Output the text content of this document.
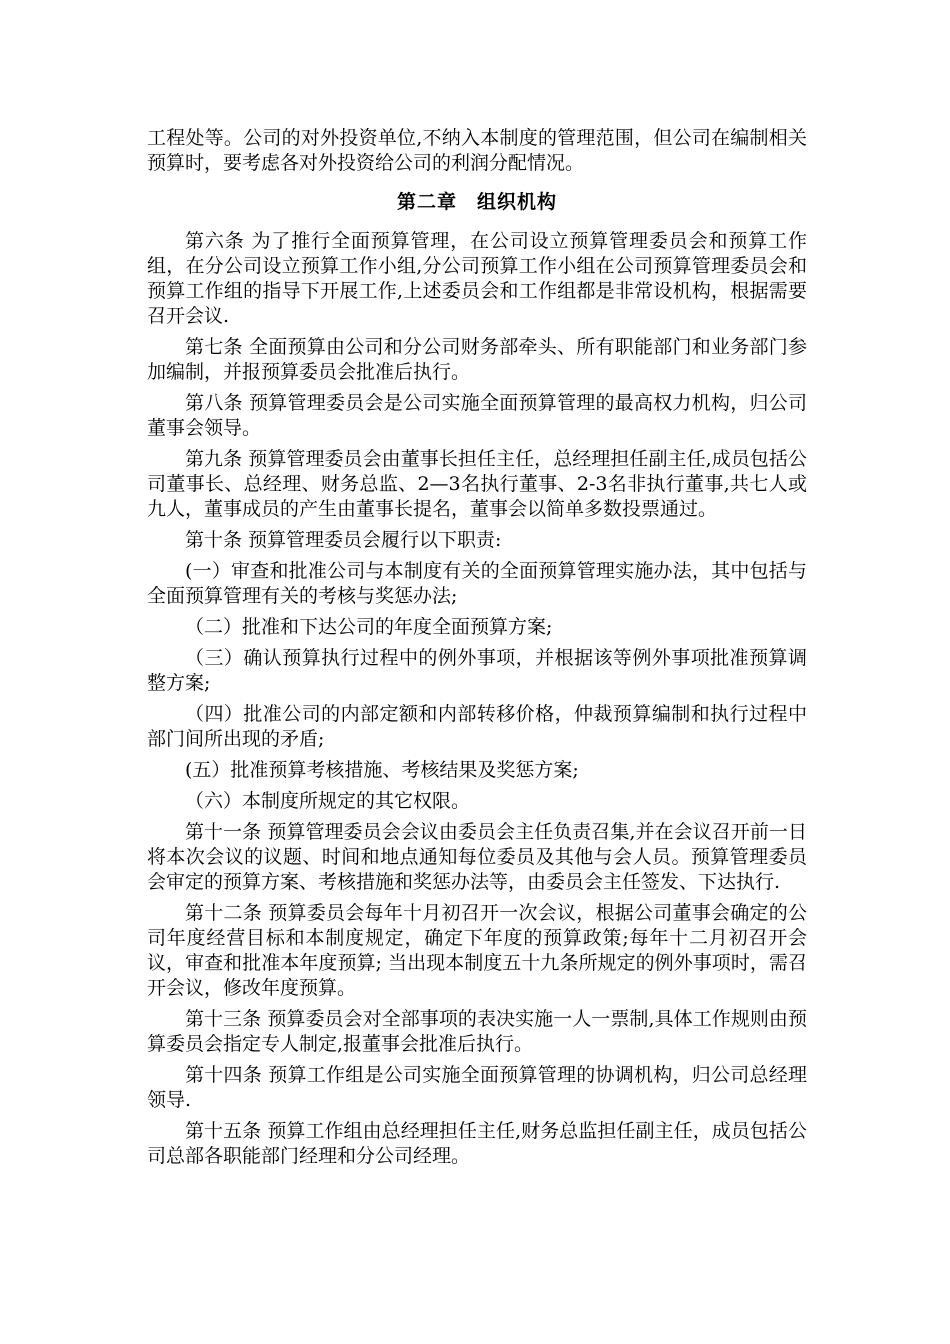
工程处等。公司的对外投资单位,不纳入本制度的管理范围，但公司在编制相关预算时，要考虑各对外投资给公司的利润分配情况。

第二章　组织机构

第六条 为了推行全面预算管理，在公司设立预算管理委员会和预算工作组，在分公司设立预算工作小组,分公司预算工作小组在公司预算管理委员会和预算工作组的指导下开展工作,上述委员会和工作组都是非常设机构，根据需要召开会议.

第七条 全面预算由公司和分公司财务部牵头、所有职能部门和业务部门参加编制，并报预算委员会批准后执行。

第八条 预算管理委员会是公司实施全面预算管理的最高权力机构，归公司董事会领导。

第九条 预算管理委员会由董事长担任主任，总经理担任副主任,成员包括公司董事长、总经理、财务总监、2—3名执行董事、2-3名非执行董事,共七人或九人，董事成员的产生由董事长提名，董事会以简单多数投票通过。

第十条 预算管理委员会履行以下职责:

(一）审查和批准公司与本制度有关的全面预算管理实施办法，其中包括与全面预算管理有关的考核与奖惩办法;

（二）批准和下达公司的年度全面预算方案;

（三）确认预算执行过程中的例外事项，并根据该等例外事项批准预算调整方案;

（四）批准公司的内部定额和内部转移价格，仲裁预算编制和执行过程中部门间所出现的矛盾;

(五）批准预算考核措施、考核结果及奖惩方案;

（六）本制度所规定的其它权限。

第十一条 预算管理委员会会议由委员会主任负责召集,并在会议召开前一日将本次会议的议题、时间和地点通知每位委员及其他与会人员。预算管理委员会审定的预算方案、考核措施和奖惩办法等，由委员会主任签发、下达执行.

第十二条 预算委员会每年十月初召开一次会议，根据公司董事会确定的公司年度经营目标和本制度规定，确定下年度的预算政策;每年十二月初召开会议，审查和批准本年度预算; 当出现本制度五十九条所规定的例外事项时，需召开会议，修改年度预算。

第十三条 预算委员会对全部事项的表决实施一人一票制,具体工作规则由预算委员会指定专人制定,报董事会批准后执行。

第十四条 预算工作组是公司实施全面预算管理的协调机构，归公司总经理领导.

第十五条 预算工作组由总经理担任主任,财务总监担任副主任，成员包括公司总部各职能部门经理和分公司经理。
